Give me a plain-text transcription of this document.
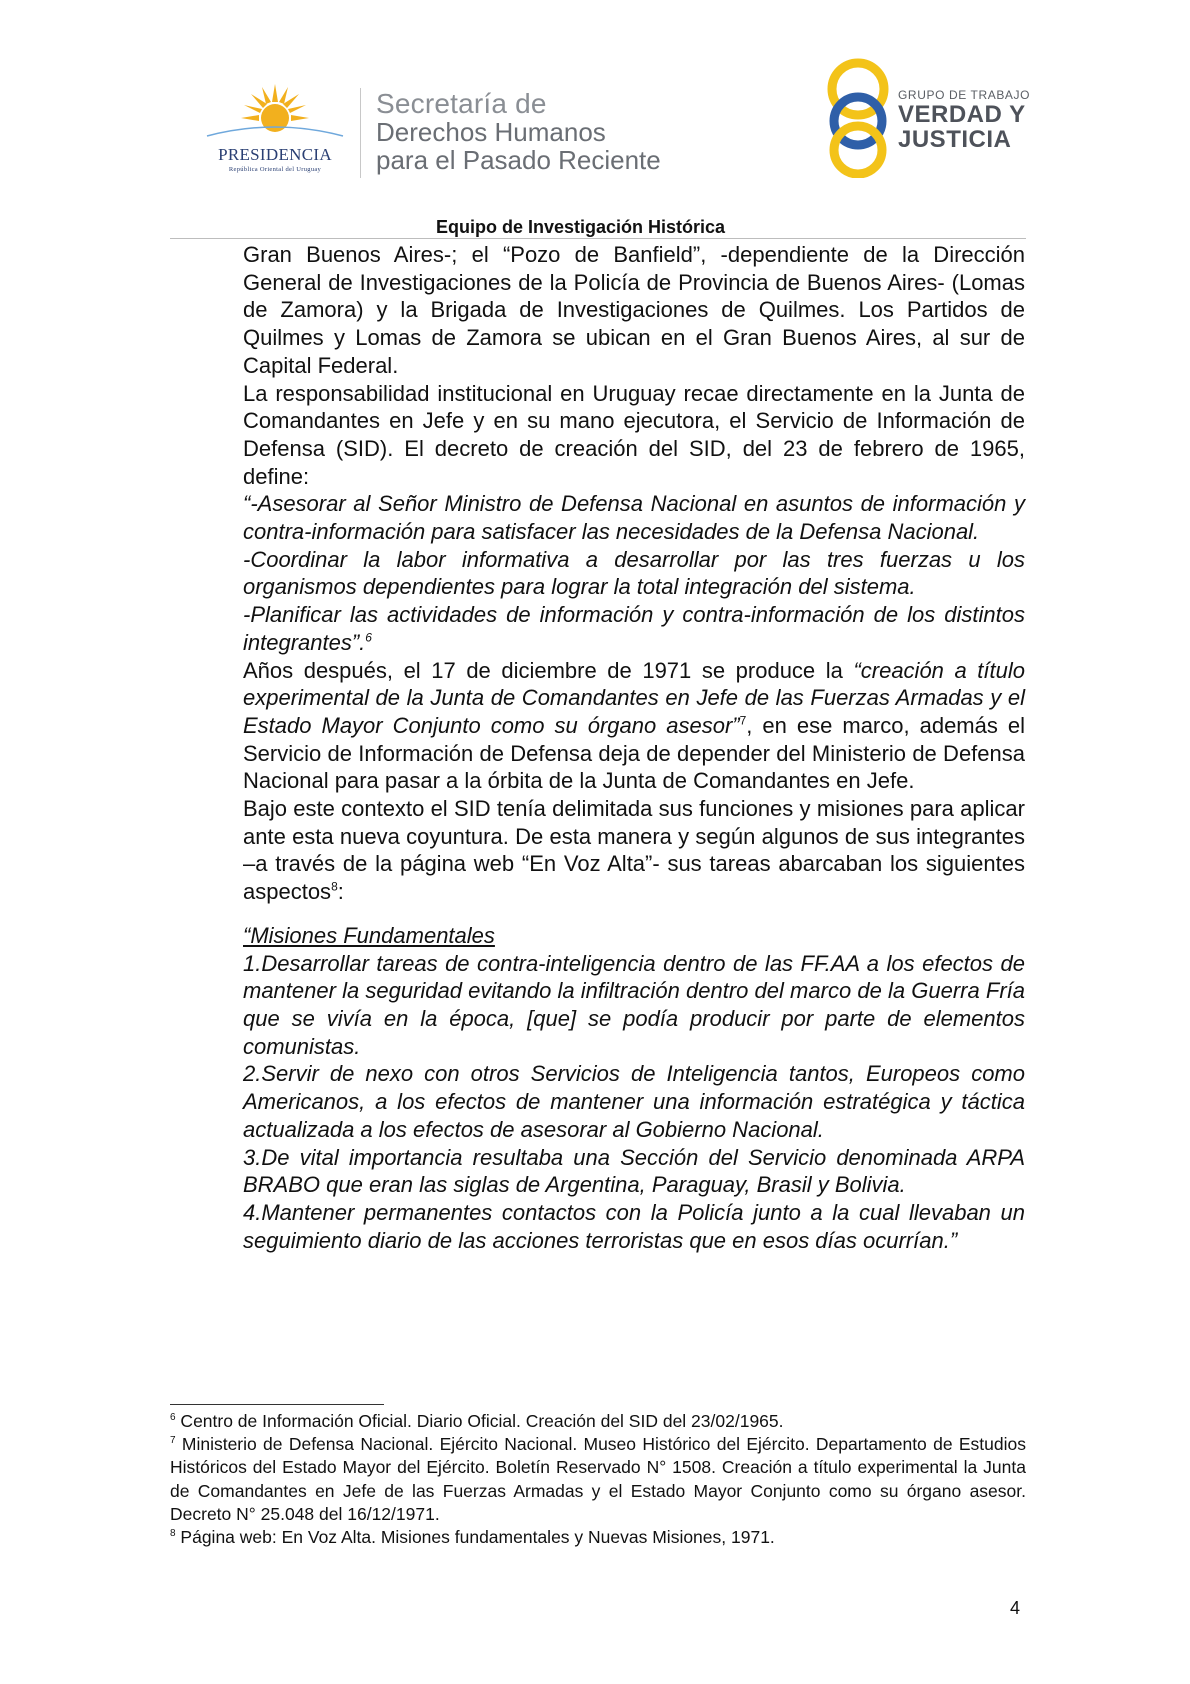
PRESIDENCIA
República Oriental del Uruguay
Secretaría de
Derechos Humanos
para el Pasado Reciente
GRUPO DE TRABAJO
VERDAD Y
JUSTICIA
Equipo de Investigación Histórica

Gran Buenos Aires-; el “Pozo de Banfield”, -dependiente de la Dirección General de Investigaciones de la Policía de Provincia de Buenos Aires- (Lomas de Zamora) y la Brigada de Investigaciones de Quilmes. Los Partidos de Quilmes y Lomas de Zamora se ubican en el Gran Buenos Aires, al sur de Capital Federal.

La responsabilidad institucional en Uruguay recae directamente en la Junta de Comandantes en Jefe y en su mano ejecutora, el Servicio de Información de Defensa (SID). El decreto de creación del SID, del 23 de febrero de 1965, define:

“-Asesorar al Señor Ministro de Defensa Nacional en asuntos de información y contra-información para satisfacer las necesidades de la Defensa Nacional.

-Coordinar la labor informativa a desarrollar por las tres fuerzas u los organismos dependientes para lograr la total integración del sistema.

-Planificar las actividades de información y contra-información de los distintos integrantes”.$^6$

Años después, el 17 de diciembre de 1971 se produce la “creación a título experimental de la Junta de Comandantes en Jefe de las Fuerzas Armadas y el Estado Mayor Conjunto como su órgano asesor”$^7$, en ese marco, además el Servicio de Información de Defensa deja de depender del Ministerio de Defensa Nacional para pasar a la órbita de la Junta de Comandantes en Jefe.

Bajo este contexto el SID tenía delimitada sus funciones y misiones para aplicar ante esta nueva coyuntura. De esta manera y según algunos de sus integrantes –a través de la página web “En Voz Alta”- sus tareas abarcaban los siguientes aspectos$^8$:

“Misiones Fundamentales

1.Desarrollar tareas de contra-inteligencia dentro de las FF.AA a los efectos de mantener la seguridad evitando la infiltración dentro del marco de la Guerra Fría que se vivía en la época, [que] se podía producir por parte de elementos comunistas.

2.Servir de nexo con otros Servicios de Inteligencia tantos, Europeos como Americanos, a los efectos de mantener una información estratégica y táctica actualizada a los efectos de asesorar al Gobierno Nacional.

3.De vital importancia resultaba una Sección del Servicio denominada ARPA BRABO que eran las siglas de Argentina, Paraguay, Brasil y Bolivia.

4.Mantener permanentes contactos con la Policía junto a la cual llevaban un seguimiento diario de las acciones terroristas que en esos días ocurrían.”

$^6$ Centro de Información Oficial. Diario Oficial. Creación del SID del 23/02/1965.

$^7$ Ministerio de Defensa Nacional. Ejército Nacional. Museo Histórico del Ejército. Departamento de Estudios Históricos del Estado Mayor del Ejército. Boletín Reservado N° 1508. Creación a título experimental la Junta de Comandantes en Jefe de las Fuerzas Armadas y el Estado Mayor Conjunto como su órgano asesor. Decreto N° 25.048 del 16/12/1971.

$^8$ Página web: En Voz Alta. Misiones fundamentales y Nuevas Misiones, 1971.

4
